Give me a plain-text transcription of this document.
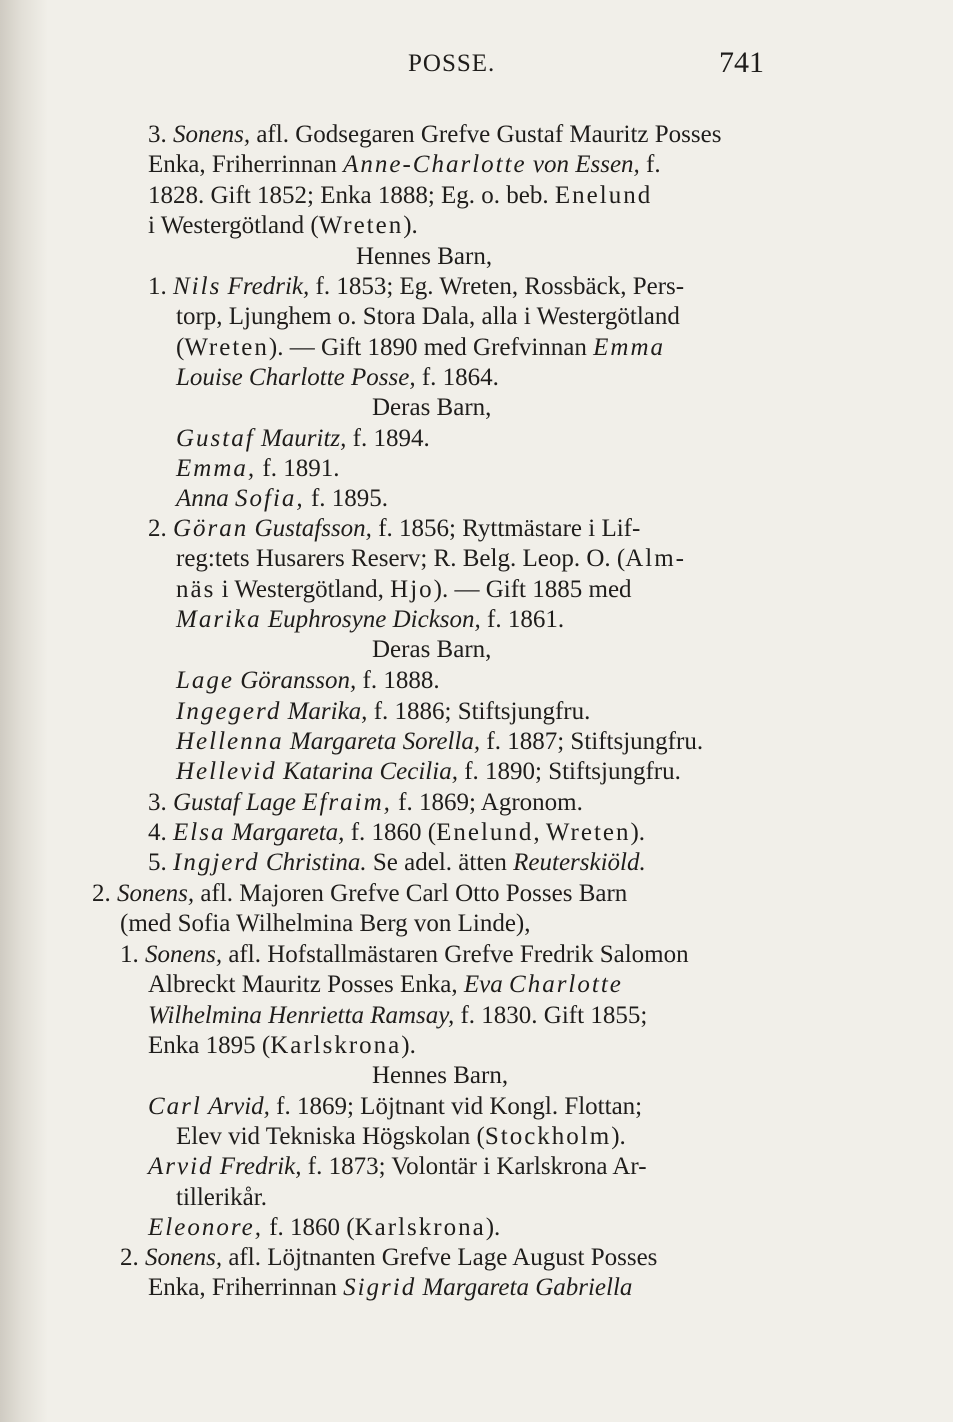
POSSE.	741
3. Sonens, afl. Godsegaren Grefve Gustaf Mauritz Posses
Enka, Friherrinnan Anne-Charlotte von Essen, f.
1828. Gift 1852; Enka 1888; Eg. o. beb. Enelund
i Westergötland (Wreten).
Hennes Barn,
1. Nils Fredrik, f. 1853; Eg. Wreten, Rossbäck, Pers-
torp, Ljunghem o. Stora Dala, alla i Westergötland
(Wreten). — Gift 1890 med Grefvinnan Emma
Louise Charlotte Posse, f. 1864.
Deras Barn,
Gustaf Mauritz, f. 1894.
Emma, f. 1891.
Anna Sofia, f. 1895.
2. Göran Gustafsson, f. 1856; Ryttmästare i Lif-
reg:tets Husarers Reserv; R. Belg. Leop. O. (Alm-
näs i Westergötland, Hjo). — Gift 1885 med
Marika Euphrosyne Dickson, f. 1861.
Deras Barn,
Lage Göransson, f. 1888.
Ingegerd Marika, f. 1886; Stiftsjungfru.
Hellenna Margareta Sorella, f. 1887; Stiftsjungfru.
Hellevid Katarina Cecilia, f. 1890; Stiftsjungfru.
3. Gustaf Lage Efraim, f. 1869; Agronom.
4. Elsa Margareta, f. 1860 (Enelund, Wreten).
5. Ingjerd Christina. Se adel. ätten Reuterskiöld.
2. Sonens, afl. Majoren Grefve Carl Otto Posses Barn
(med Sofia Wilhelmina Berg von Linde),
1. Sonens, afl. Hofstallmästaren Grefve Fredrik Salomon
Albreckt Mauritz Posses Enka, Eva Charlotte
Wilhelmina Henrietta Ramsay, f. 1830. Gift 1855;
Enka 1895 (Karlskrona).
Hennes Barn,
Carl Arvid, f. 1869; Löjtnant vid Kongl. Flottan;
Elev vid Tekniska Högskolan (Stockholm).
Arvid Fredrik, f. 1873; Volontär i Karlskrona Ar-
tillerikår.
Eleonore, f. 1860 (Karlskrona).
2. Sonens, afl. Löjtnanten Grefve Lage August Posses
Enka, Friherrinnan Sigrid Margareta Gabriella
